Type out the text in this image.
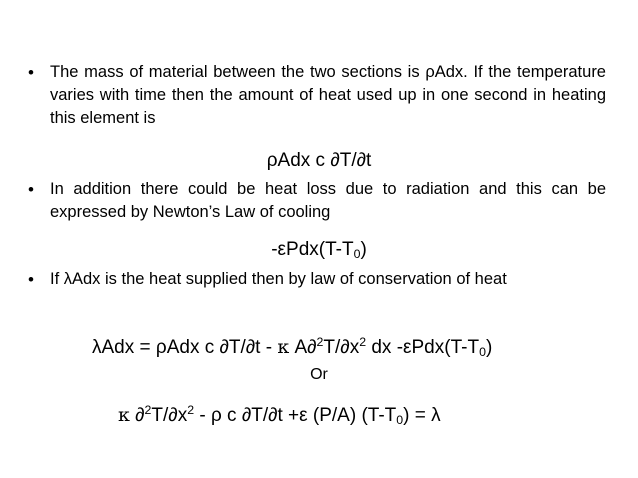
• The mass of material between the two sections is ρAdx. If the temperature varies with time then the amount of heat used up in one second in heating this element is
ρAdx c ∂T/∂t
• In addition there could be heat loss due to radiation and this can be expressed by Newton’s Law of cooling
$-\varepsilon Pdx(T-T_0)$
• If λAdx is the heat supplied then by law of conservation of heat
λAdx = ρAdx c ∂T/∂t - κ $A\partial^2T/\partial x^2$ dx $-\varepsilon Pdx(T-T_0)$
Or
κ $\partial^2T/\partial x^2$ - ρ c ∂T/∂t +ε (P/A) $(T-T_0) = \lambda$
